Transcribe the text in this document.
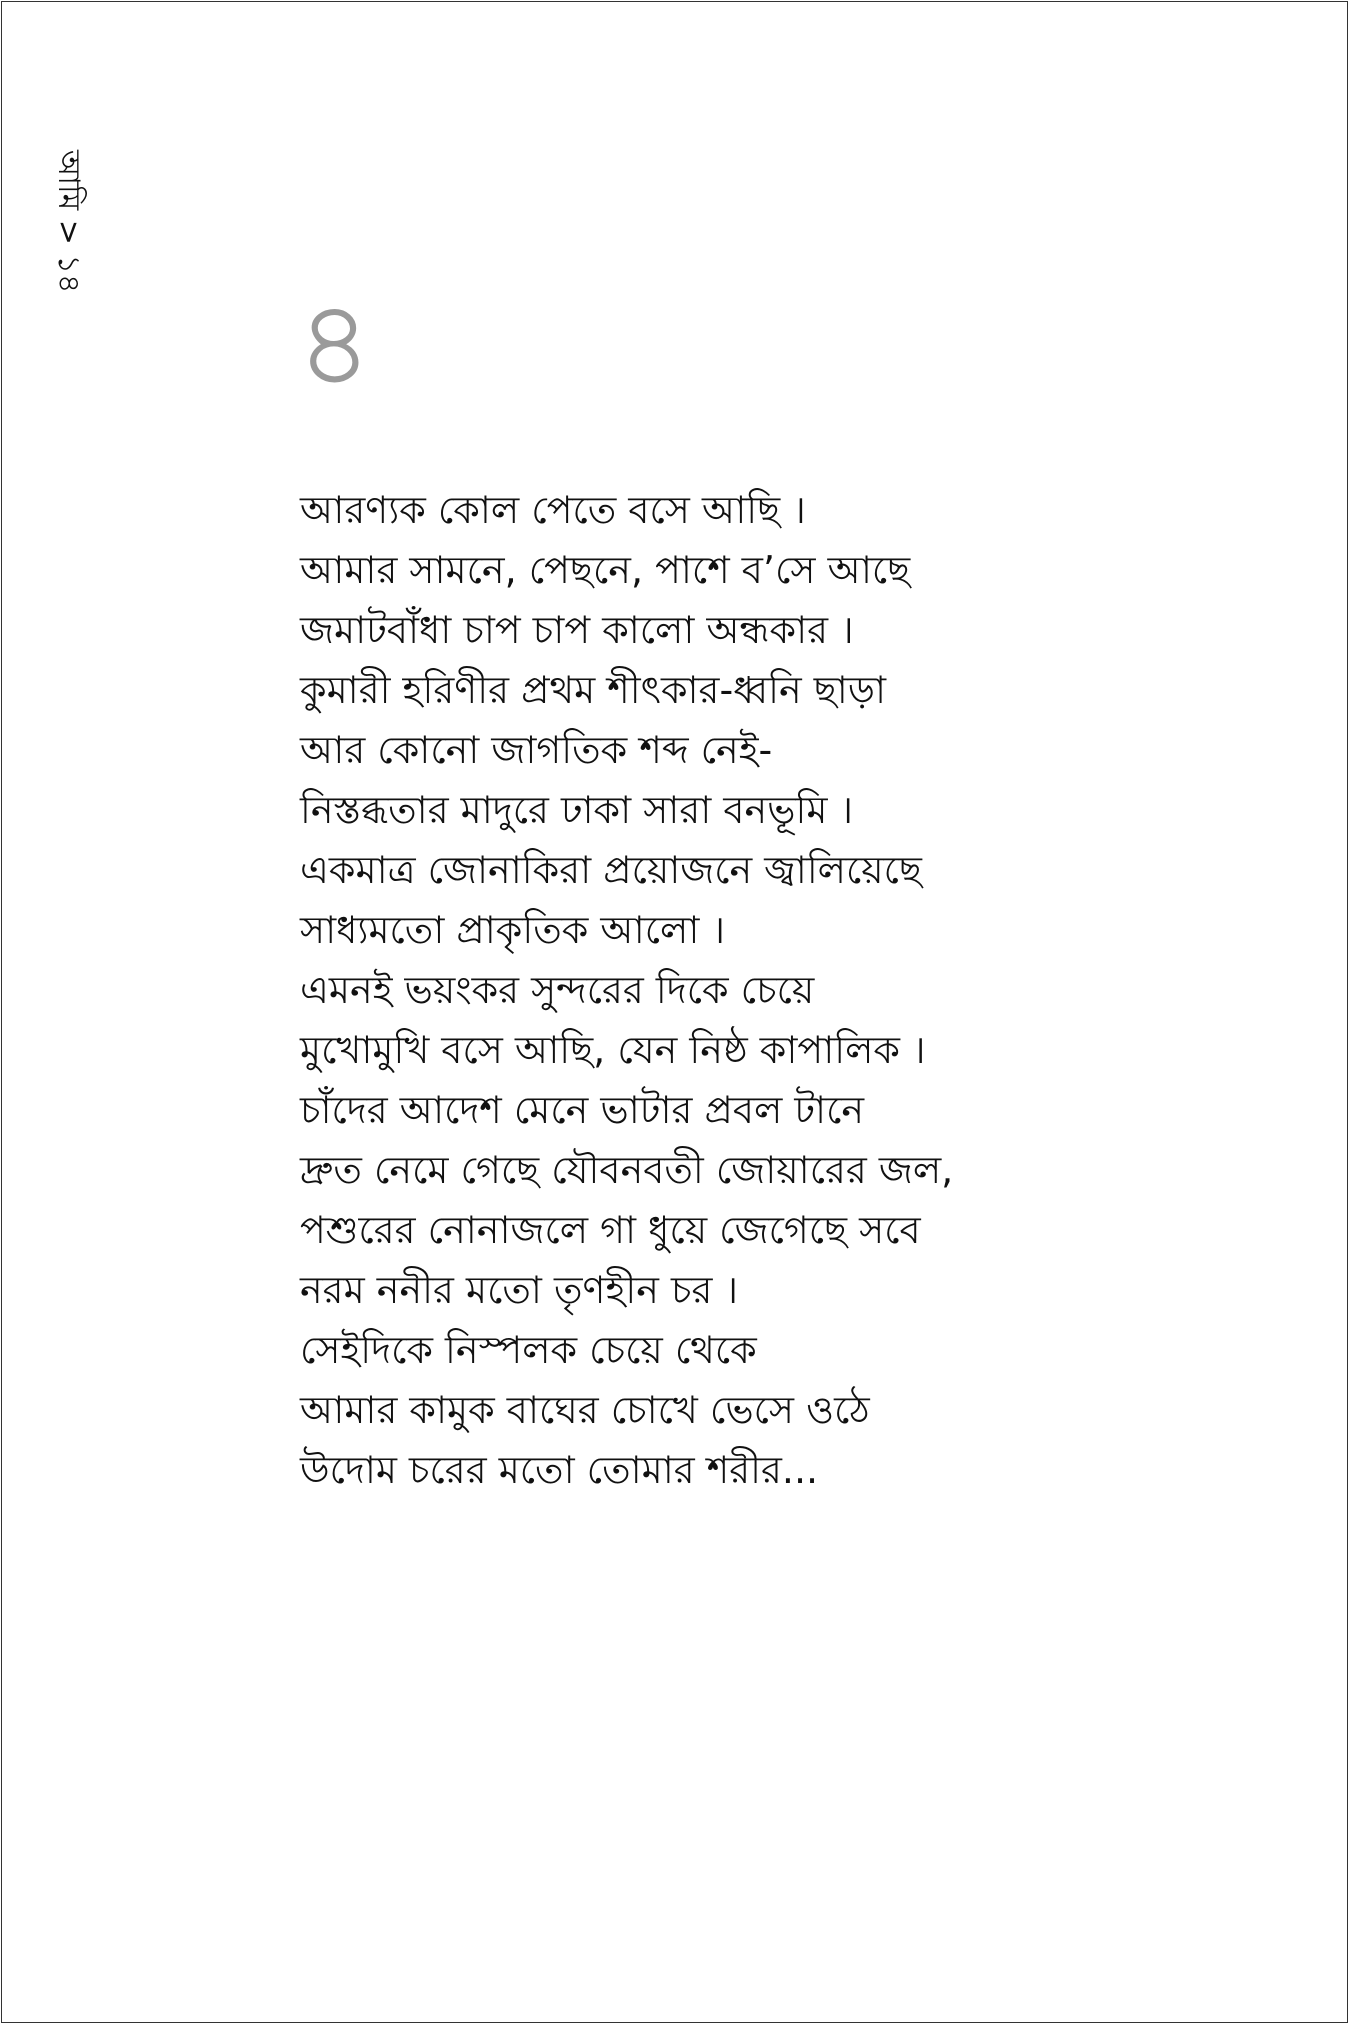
আমি > ১৪
৪
আরণ্যক কোল পেতে বসে আছি ।
আমার সামনে, পেছনে, পাশে ব’সে আছে
জমাটবাঁধা চাপ চাপ কালো অন্ধকার ।
কুমারী হরিণীর প্রথম শীৎকার-ধ্বনি ছাড়া
আর কোনো জাগতিক শব্দ নেই-
নিস্তব্ধতার মাদুরে ঢাকা সারা বনভূমি ।
একমাত্র জোনাকিরা প্রয়োজনে জ্বালিয়েছে
সাধ্যমতো প্রাকৃতিক আলো ।
এমনই ভয়ংকর সুন্দরের দিকে চেয়ে
মুখোমুখি বসে আছি, যেন নিষ্ঠ কাপালিক ।
চাঁদের আদেশ মেনে ভাটার প্রবল টানে
দ্রুত নেমে গেছে যৌবনবতী জোয়ারের জল,
পশুরের নোনাজলে গা ধুয়ে জেগেছে সবে
নরম ননীর মতো তৃণহীন চর ।
সেইদিকে নিস্পলক চেয়ে থেকে
আমার কামুক বাঘের চোখে ভেসে ওঠে
উদোম চরের মতো তোমার শরীর...
